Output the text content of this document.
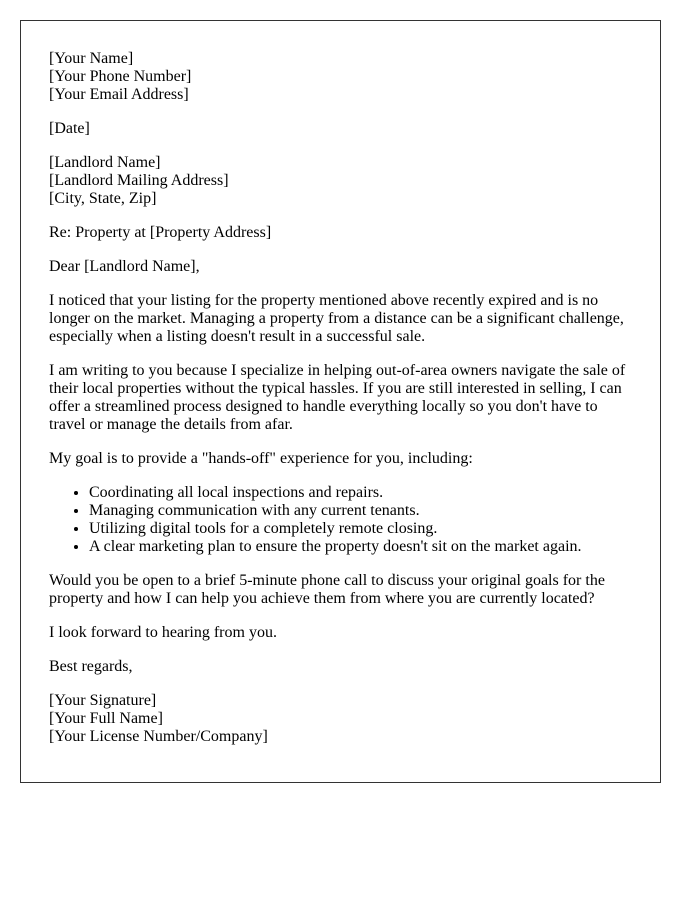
[Your Name]
[Your Phone Number]
[Your Email Address]

[Date]

[Landlord Name]
[Landlord Mailing Address]
[City, State, Zip]

Re: Property at [Property Address]

Dear [Landlord Name],

I noticed that your listing for the property mentioned above recently expired and is no longer on the market. Managing a property from a distance can be a significant challenge, especially when a listing doesn't result in a successful sale.

I am writing to you because I specialize in helping out-of-area owners navigate the sale of their local properties without the typical hassles. If you are still interested in selling, I can offer a streamlined process designed to handle everything locally so you don't have to travel or manage the details from afar.

My goal is to provide a "hands-off" experience for you, including:

• Coordinating all local inspections and repairs.
• Managing communication with any current tenants.
• Utilizing digital tools for a completely remote closing.
• A clear marketing plan to ensure the property doesn't sit on the market again.

Would you be open to a brief 5-minute phone call to discuss your original goals for the property and how I can help you achieve them from where you are currently located?

I look forward to hearing from you.

Best regards,

[Your Signature]
[Your Full Name]
[Your License Number/Company]
